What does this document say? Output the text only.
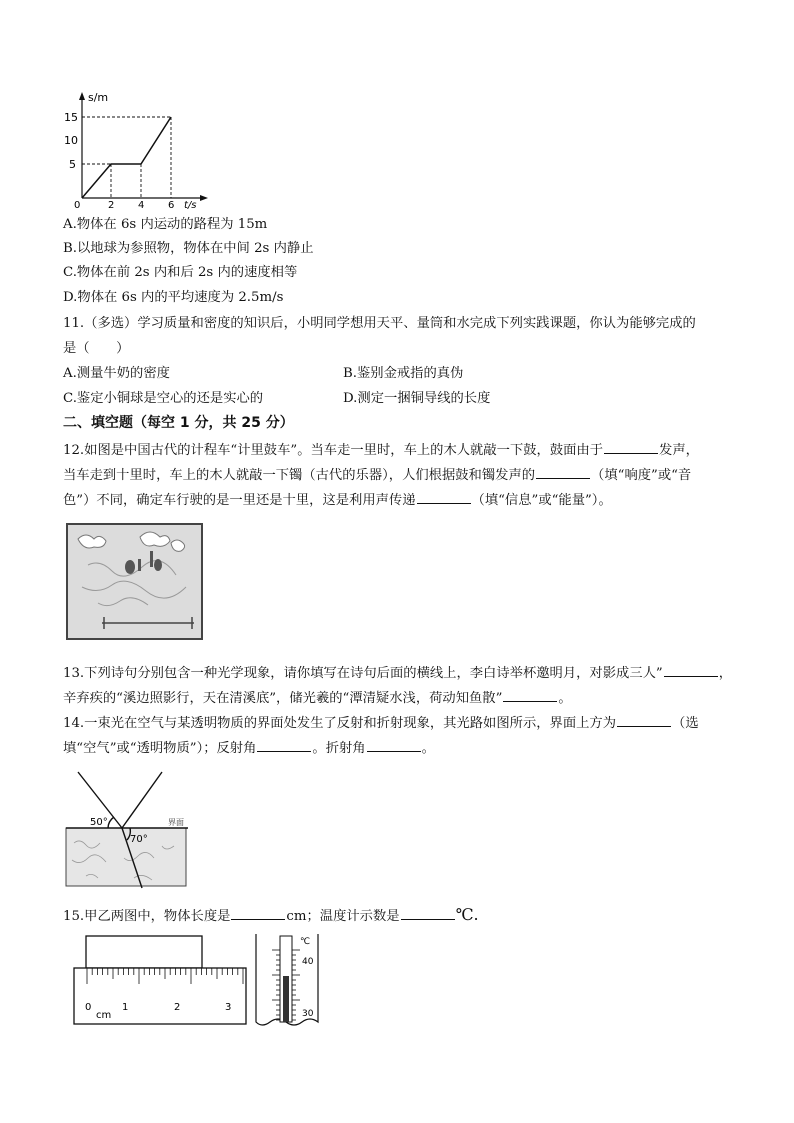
s/m
15
10
5
0	2 4 6 t/s
A.物体在 6s 内运动的路程为 15m
B.以地球为参照物，物体在中间 2s 内静止
C.物体在前 2s 内和后 2s 内的速度相等
D.物体在 6s 内的平均速度为 2.5m/s
11.（多选）学习质量和密度的知识后，小明同学想用天平、量筒和水完成下列实践课题，你认为能够完成的
是（　　）
A.测量牛奶的密度	B.鉴别金戒指的真伪
C.鉴定小铜球是空心的还是实心的	D.测定一捆铜导线的长度
二、填空题（每空 1 分，共 25 分）
12.如图是中国古代的计程车“计里鼓车”。当车走一里时，车上的木人就敲一下鼓，鼓面由于	发声，
当车走到十里时，车上的木人就敲一下镯（古代的乐器），人们根据鼓和镯发声的	（填“响度”或“音
色”）不同，确定车行驶的是一里还是十里，这是利用声传递	（填“信息”或“能量”）。
13.下列诗句分别包含一种光学现象，请你填写在诗句后面的横线上，李白诗举杯邀明月，对影成三人”	，
辛弃疾的“溪边照影行，天在清溪底”，储光羲的“潭清疑水浅，荷动知鱼散”	。
14.一束光在空气与某透明物质的界面处发生了反射和折射现象，其光路如图所示，界面上方为	（选
填“空气”或“透明物质”）；反射角	。折射角	。
50°
70°
界面
15.甲乙两图中，物体长度是	cm；温度计示数是	℃.
0	1	2	3
cm
℃
40
30
